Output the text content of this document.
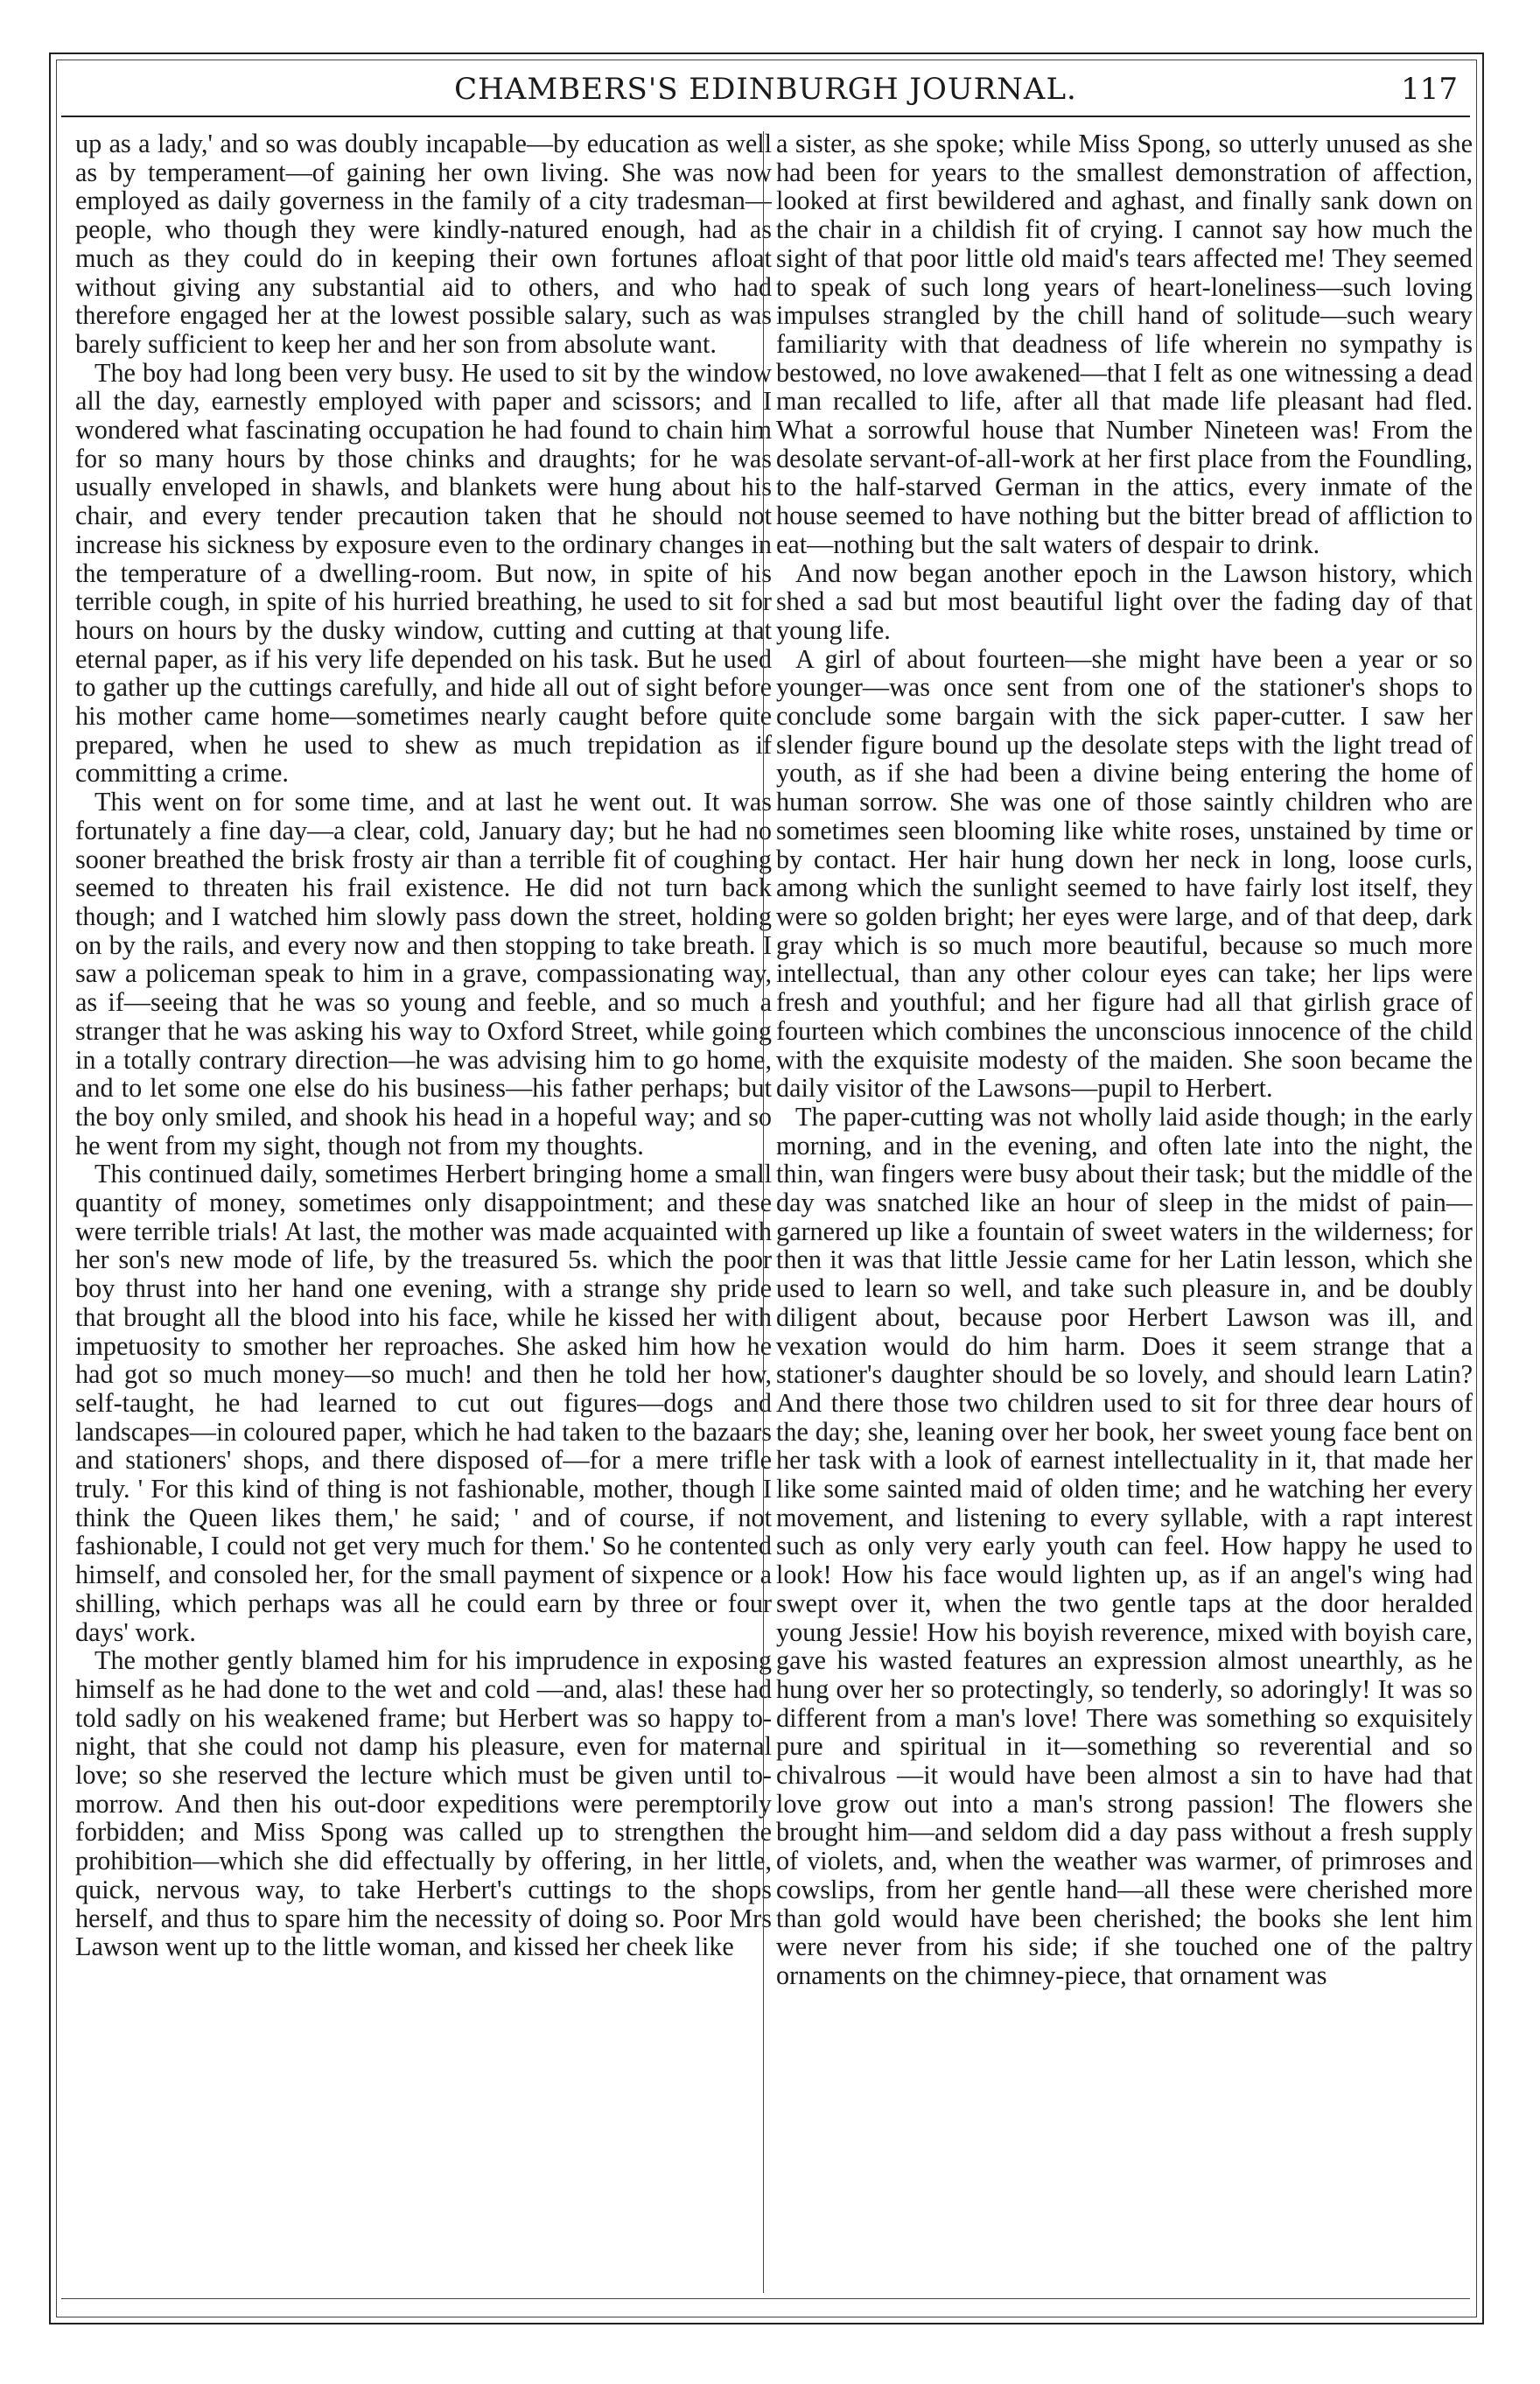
CHAMBERS'S EDINBURGH JOURNAL.	117

up as a lady,' and so was doubly incapable—by education as well as by temperament—of gaining her own living. She was now employed as daily governess in the family of a city tradesman—people, who though they were kindly-natured enough, had as much as they could do in keeping their own fortunes afloat without giving any substantial aid to others, and who had therefore engaged her at the lowest possible salary, such as was barely sufficient to keep her and her son from absolute want.

The boy had long been very busy. He used to sit by the window all the day, earnestly employed with paper and scissors; and I wondered what fascinating occupation he had found to chain him for so many hours by those chinks and draughts; for he was usually enveloped in shawls, and blankets were hung about his chair, and every tender precaution taken that he should not increase his sickness by exposure even to the ordinary changes in the temperature of a dwelling-room. But now, in spite of his terrible cough, in spite of his hurried breathing, he used to sit for hours on hours by the dusky window, cutting and cutting at that eternal paper, as if his very life depended on his task. But he used to gather up the cuttings carefully, and hide all out of sight before his mother came home—sometimes nearly caught before quite prepared, when he used to shew as much trepidation as if committing a crime.

This went on for some time, and at last he went out. It was fortunately a fine day—a clear, cold, January day; but he had no sooner breathed the brisk frosty air than a terrible fit of coughing seemed to threaten his frail existence. He did not turn back though; and I watched him slowly pass down the street, holding on by the rails, and every now and then stopping to take breath. I saw a policeman speak to him in a grave, compassionating way, as if—seeing that he was so young and feeble, and so much a stranger that he was asking his way to Oxford Street, while going in a totally contrary direction—he was advising him to go home, and to let some one else do his business—his father perhaps; but the boy only smiled, and shook his head in a hopeful way; and so he went from my sight, though not from my thoughts.

This continued daily, sometimes Herbert bringing home a small quantity of money, sometimes only disappointment; and these were terrible trials! At last, the mother was made acquainted with her son's new mode of life, by the treasured 5s. which the poor boy thrust into her hand one evening, with a strange shy pride that brought all the blood into his face, while he kissed her with impetuosity to smother her reproaches. She asked him how he had got so much money—so much! and then he told her how, self-taught, he had learned to cut out figures—dogs and landscapes—in coloured paper, which he had taken to the bazaars and stationers' shops, and there disposed of—for a mere trifle truly. ' For this kind of thing is not fashionable, mother, though I think the Queen likes them,' he said; ' and of course, if not fashionable, I could not get very much for them.' So he contented himself, and consoled her, for the small payment of sixpence or a shilling, which perhaps was all he could earn by three or four days' work.

The mother gently blamed him for his imprudence in exposing himself as he had done to the wet and cold —and, alas! these had told sadly on his weakened frame; but Herbert was so happy to-night, that she could not damp his pleasure, even for maternal love; so she reserved the lecture which must be given until to-morrow. And then his out-door expeditions were peremptorily forbidden; and Miss Spong was called up to strengthen the prohibition—which she did effectually by offering, in her little, quick, nervous way, to take Herbert's cuttings to the shops herself, and thus to spare him the necessity of doing so. Poor Mrs Lawson went up to the little woman, and kissed her cheek like

a sister, as she spoke; while Miss Spong, so utterly unused as she had been for years to the smallest demonstration of affection, looked at first bewildered and aghast, and finally sank down on the chair in a childish fit of crying. I cannot say how much the sight of that poor little old maid's tears affected me! They seemed to speak of such long years of heart-loneliness—such loving impulses strangled by the chill hand of solitude—such weary familiarity with that deadness of life wherein no sympathy is bestowed, no love awakened—that I felt as one witnessing a dead man recalled to life, after all that made life pleasant had fled. What a sorrowful house that Number Nineteen was! From the desolate servant-of-all-work at her first place from the Foundling, to the half-starved German in the attics, every inmate of the house seemed to have nothing but the bitter bread of affliction to eat—nothing but the salt waters of despair to drink.

And now began another epoch in the Lawson history, which shed a sad but most beautiful light over the fading day of that young life.

A girl of about fourteen—she might have been a year or so younger—was once sent from one of the stationer's shops to conclude some bargain with the sick paper-cutter. I saw her slender figure bound up the desolate steps with the light tread of youth, as if she had been a divine being entering the home of human sorrow. She was one of those saintly children who are sometimes seen blooming like white roses, unstained by time or by contact. Her hair hung down her neck in long, loose curls, among which the sunlight seemed to have fairly lost itself, they were so golden bright; her eyes were large, and of that deep, dark gray which is so much more beautiful, because so much more intellectual, than any other colour eyes can take; her lips were fresh and youthful; and her figure had all that girlish grace of fourteen which combines the unconscious innocence of the child with the exquisite modesty of the maiden. She soon became the daily visitor of the Lawsons—pupil to Herbert.

The paper-cutting was not wholly laid aside though; in the early morning, and in the evening, and often late into the night, the thin, wan fingers were busy about their task; but the middle of the day was snatched like an hour of sleep in the midst of pain—garnered up like a fountain of sweet waters in the wilderness; for then it was that little Jessie came for her Latin lesson, which she used to learn so well, and take such pleasure in, and be doubly diligent about, because poor Herbert Lawson was ill, and vexation would do him harm. Does it seem strange that a stationer's daughter should be so lovely, and should learn Latin? And there those two children used to sit for three dear hours of the day; she, leaning over her book, her sweet young face bent on her task with a look of earnest intellectuality in it, that made her like some sainted maid of olden time; and he watching her every movement, and listening to every syllable, with a rapt interest such as only very early youth can feel. How happy he used to look! How his face would lighten up, as if an angel's wing had swept over it, when the two gentle taps at the door heralded young Jessie! How his boyish reverence, mixed with boyish care, gave his wasted features an expression almost unearthly, as he hung over her so protectingly, so tenderly, so adoringly! It was so different from a man's love! There was something so exquisitely pure and spiritual in it—something so reverential and so chivalrous —it would have been almost a sin to have had that love grow out into a man's strong passion! The flowers she brought him—and seldom did a day pass without a fresh supply of violets, and, when the weather was warmer, of primroses and cowslips, from her gentle hand—all these were cherished more than gold would have been cherished; the books she lent him were never from his side; if she touched one of the paltry ornaments on the chimney-piece, that ornament was
